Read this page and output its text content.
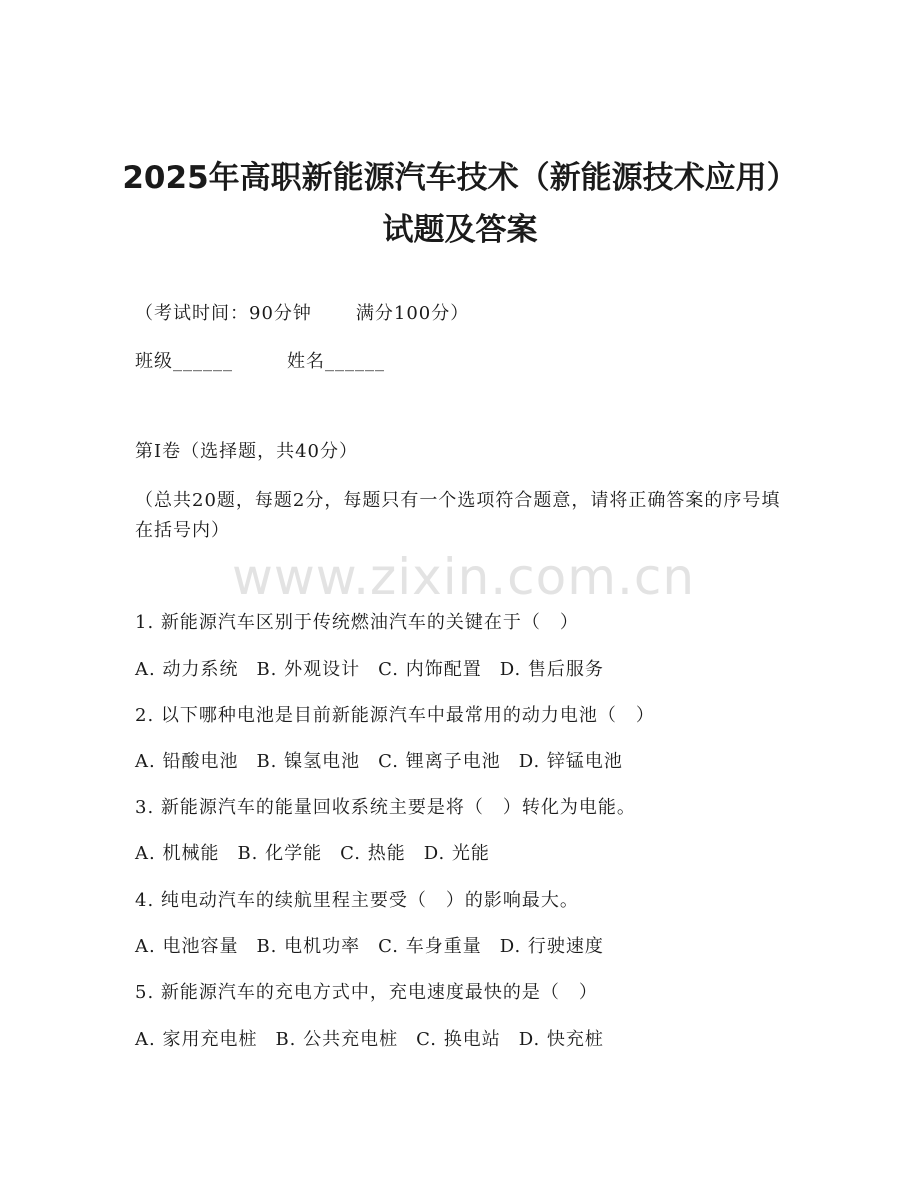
2025年高职新能源汽车技术（新能源技术应用）试题及答案
（考试时间：90分钟 满分100分）
班级______	姓名______
第I卷（选择题，共40分）
（总共20题，每题2分，每题只有一个选项符合题意，请将正确答案的序号填在括号内）
www.zixin.com.cn
1. 新能源汽车区别于传统燃油汽车的关键在于（　）
A. 动力系统 B. 外观设计 C. 内饰配置 D. 售后服务
2. 以下哪种电池是目前新能源汽车中最常用的动力电池（　）
A. 铅酸电池 B. 镍氢电池 C. 锂离子电池 D. 锌锰电池
3. 新能源汽车的能量回收系统主要是将（　）转化为电能。
A. 机械能 B. 化学能 C. 热能 D. 光能
4. 纯电动汽车的续航里程主要受（　）的影响最大。
A. 电池容量 B. 电机功率 C. 车身重量 D. 行驶速度
5. 新能源汽车的充电方式中，充电速度最快的是（　）
A. 家用充电桩 B. 公共充电桩 C. 换电站 D. 快充桩
